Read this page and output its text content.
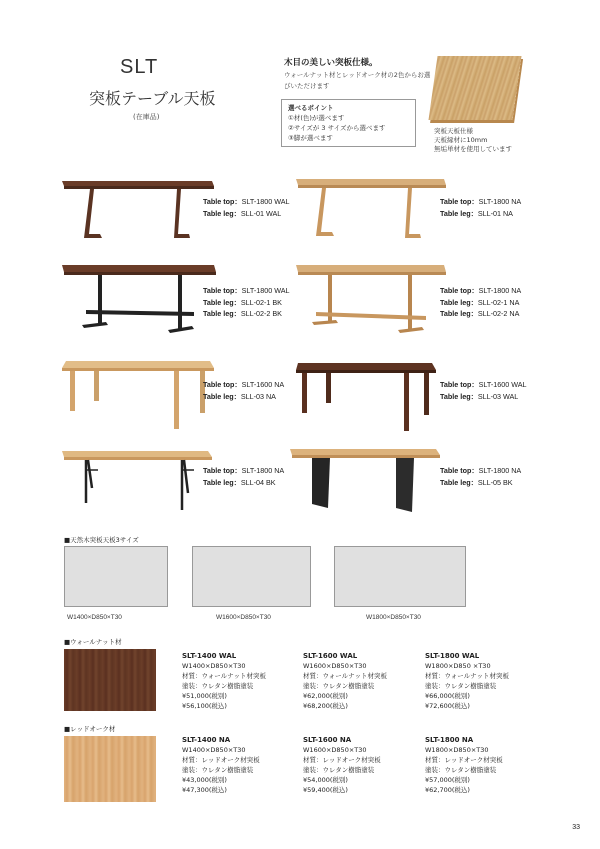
SLT
突板テーブル天板
(在庫品)
木目の美しい突板仕様。
ウォールナット材とレッドオーク材の2色からお選びいただけます
選べるポイント
①材(色)が選べます
②サイズが 3 サイズから選べます
③脚が選べます
突板天板仕様
天板縁材に10mm
無垢単材を使用しています
Table top：SLT-1800 WAL
Table leg：SLL-01 WAL
Table top：SLT-1800 NA
Table leg：SLL-01 NA
Table top：SLT-1800 WAL
Table leg：SLL-02-1 BK
Table leg：SLL-02-2 BK
Table top：SLT-1800 NA
Table leg：SLL-02-1 NA
Table leg：SLL-02-2 NA
Table top：SLT-1600 NA
Table leg：SLL-03 NA
Table top：SLT-1600 WAL
Table leg：SLL-03 WAL
Table top：SLT-1800 NA
Table leg：SLL-04 BK
Table top：SLT-1800 NA
Table leg：SLL-05 BK
■天然木突板天板3サイズ
W1400×D850×T30	W1600×D850×T30	W1800×D850×T30
■ウォールナット材
SLT-1400 WAL
W1400×D850×T30
材質：ウォールナット材突板
塗装：ウレタン樹脂塗装
¥51,000(税別)
¥56,100(税込)
SLT-1600 WAL
W1600×D850×T30
材質：ウォールナット材突板
塗装：ウレタン樹脂塗装
¥62,000(税別)
¥68,200(税込)
SLT-1800 WAL
W1800×D850 ×T30
材質：ウォールナット材突板
塗装：ウレタン樹脂塗装
¥66,000(税別)
¥72,600(税込)
■レッドオーク材
SLT-1400 NA
W1400×D850×T30
材質：レッドオーク材突板
塗装：ウレタン樹脂塗装
¥43,000(税別)
¥47,300(税込)
SLT-1600 NA
W1600×D850×T30
材質：レッドオーク材突板
塗装：ウレタン樹脂塗装
¥54,000(税別)
¥59,400(税込)
SLT-1800 NA
W1800×D850×T30
材質：レッドオーク材突板
塗装：ウレタン樹脂塗装
¥57,000(税別)
¥62,700(税込)
33
